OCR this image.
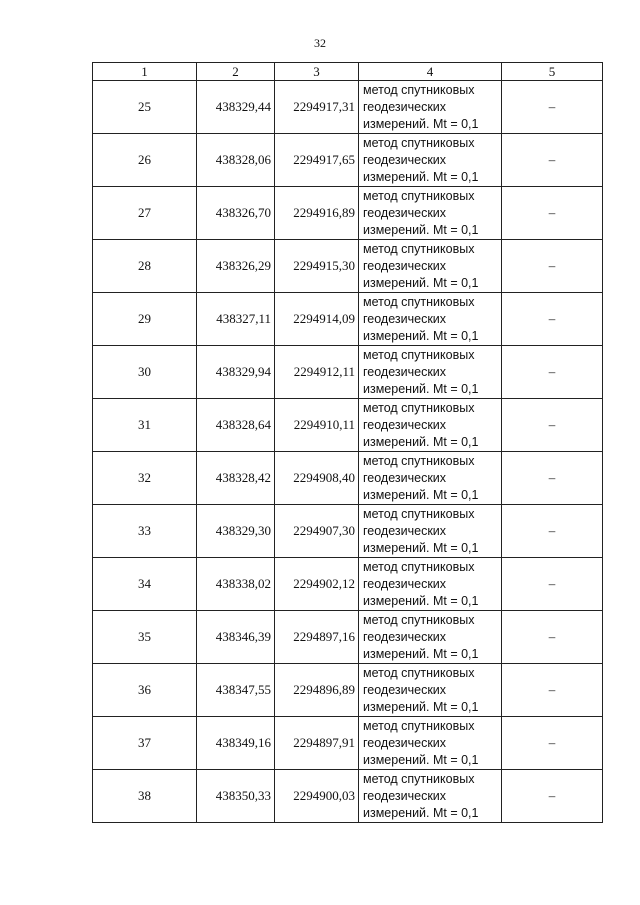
32
1	2	3	4	5
25	438329,44	2294917,31	метод спутниковых
геодезических
измерений. Mt = 0,1	–
26	438328,06	2294917,65	метод спутниковых
геодезических
измерений. Mt = 0,1	–
27	438326,70	2294916,89	метод спутниковых
геодезических
измерений. Mt = 0,1	–
28	438326,29	2294915,30	метод спутниковых
геодезических
измерений. Mt = 0,1	–
29	438327,11	2294914,09	метод спутниковых
геодезических
измерений. Mt = 0,1	–
30	438329,94	2294912,11	метод спутниковых
геодезических
измерений. Mt = 0,1	–
31	438328,64	2294910,11	метод спутниковых
геодезических
измерений. Mt = 0,1	–
32	438328,42	2294908,40	метод спутниковых
геодезических
измерений. Mt = 0,1	–
33	438329,30	2294907,30	метод спутниковых
геодезических
измерений. Mt = 0,1	–
34	438338,02	2294902,12	метод спутниковых
геодезических
измерений. Mt = 0,1	–
35	438346,39	2294897,16	метод спутниковых
геодезических
измерений. Mt = 0,1	–
36	438347,55	2294896,89	метод спутниковых
геодезических
измерений. Mt = 0,1	–
37	438349,16	2294897,91	метод спутниковых
геодезических
измерений. Mt = 0,1	–
38	438350,33	2294900,03	метод спутниковых
геодезических
измерений. Mt = 0,1	–
